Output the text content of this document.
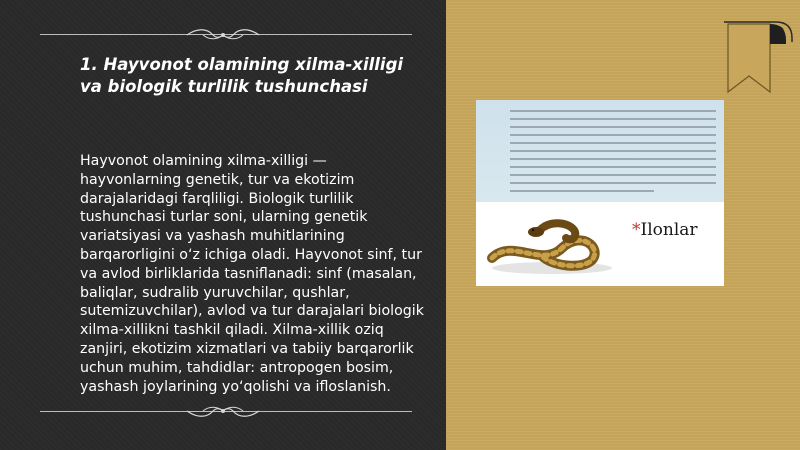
1. Hayvonot olamining xilma-xilligi va biologik turlilik tushunchasi

Hayvonot olamining xilma-xilligi — hayvonlarning genetik, tur va ekotizim darajalaridagi farqliligi. Biologik turlilik tushunchasi turlar soni, ularning genetik variatsiyasi va yashash muhitlarining barqarorligini o‘z ichiga oladi. Hayvonot sinf, tur va avlod birliklarida tasniflanadi: sinf (masalan, baliqlar, sudralib yuruvchilar, qushlar, sutemizuvchilar), avlod va tur darajalari biologik xilma-xillikni tashkil qiladi. Xilma-xillik oziq zanjiri, ekotizim xizmatlari va tabiiy barqarorlik uchun muhim, tahdidlar: antropogen bosim, yashash joylarining yo‘qolishi va ifloslanish.

*Ilonlar
